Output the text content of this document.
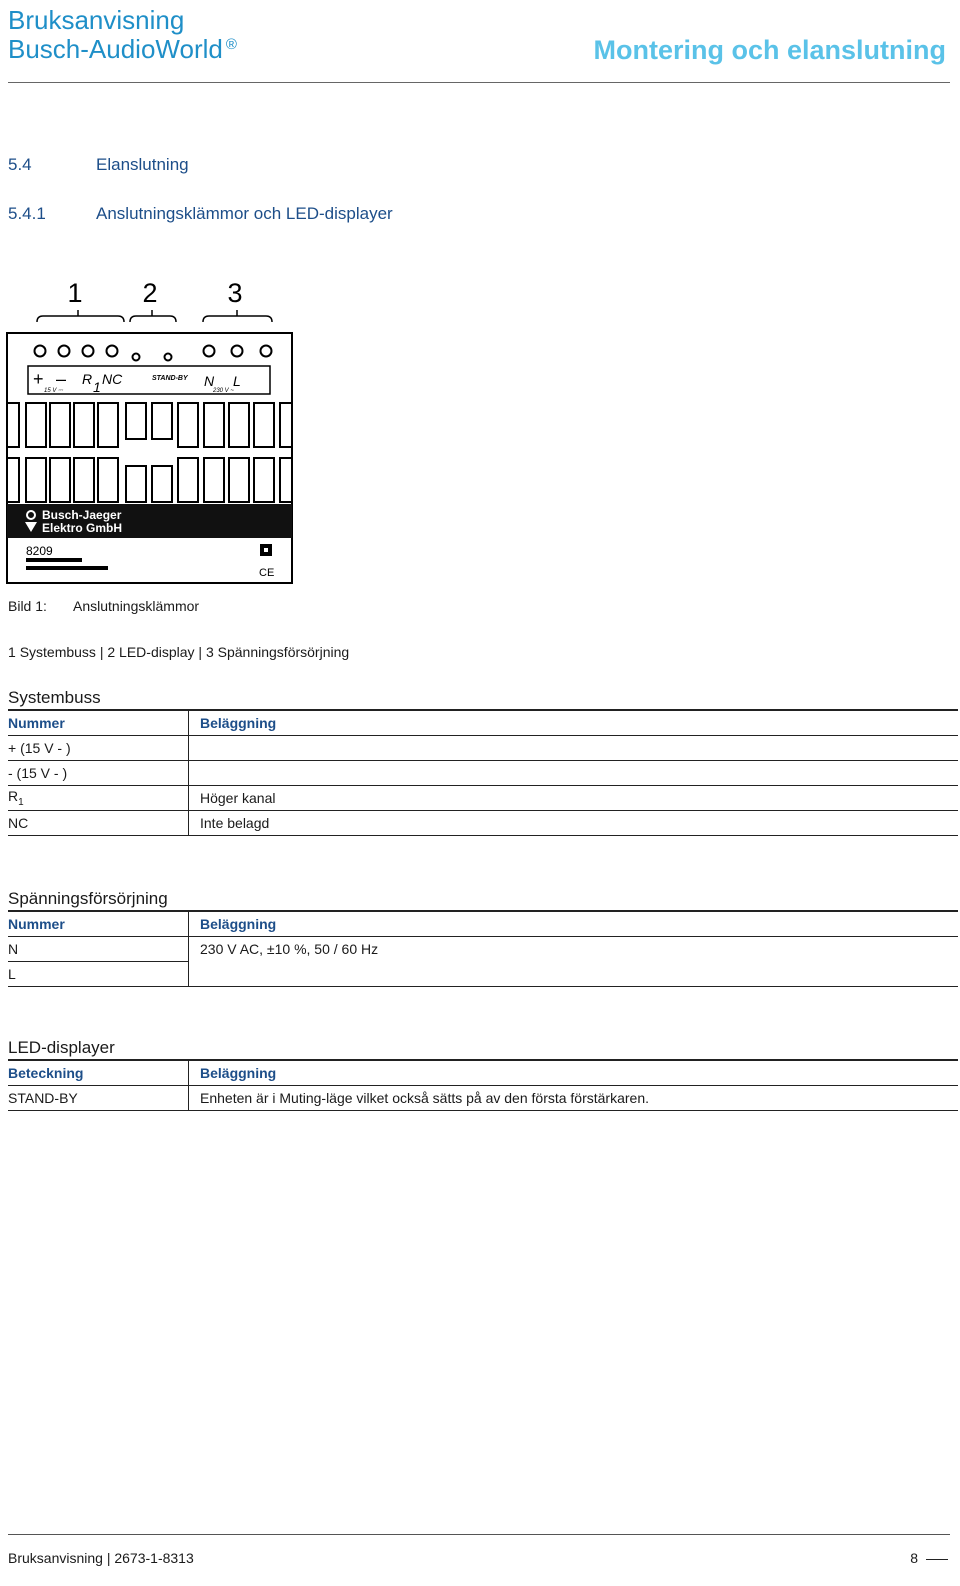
Bruksanvisning
Busch-AudioWorld ®	Montering och elanslutning
5.4	Elanslutning
5.4.1	Anslutningsklämmor och LED-displayer
1 2	3
+ – R 1 NC	STAND-BY N L
15 V ⎓	230 V ~
Busch-Jaeger
Elektro GmbH
8209
CE
Bild 1: Anslutningsklämmor
1 Systembuss | 2 LED-display | 3 Spänningsförsörjning
Systembuss
Nummer	Beläggning
+ (15 V - )	
- (15 V - )	
$R_1$	Höger kanal
NC	Inte belagd
Spänningsförsörjning
Nummer	Beläggning
N	230 V AC, ±10 %, 50 / 60 Hz
L	
LED-displayer
Beteckning	Beläggning
STAND-BY	Enheten är i Muting-läge vilket också sätts på av den första förstärkaren.
Bruksanvisning | 2673-1-8313	8
